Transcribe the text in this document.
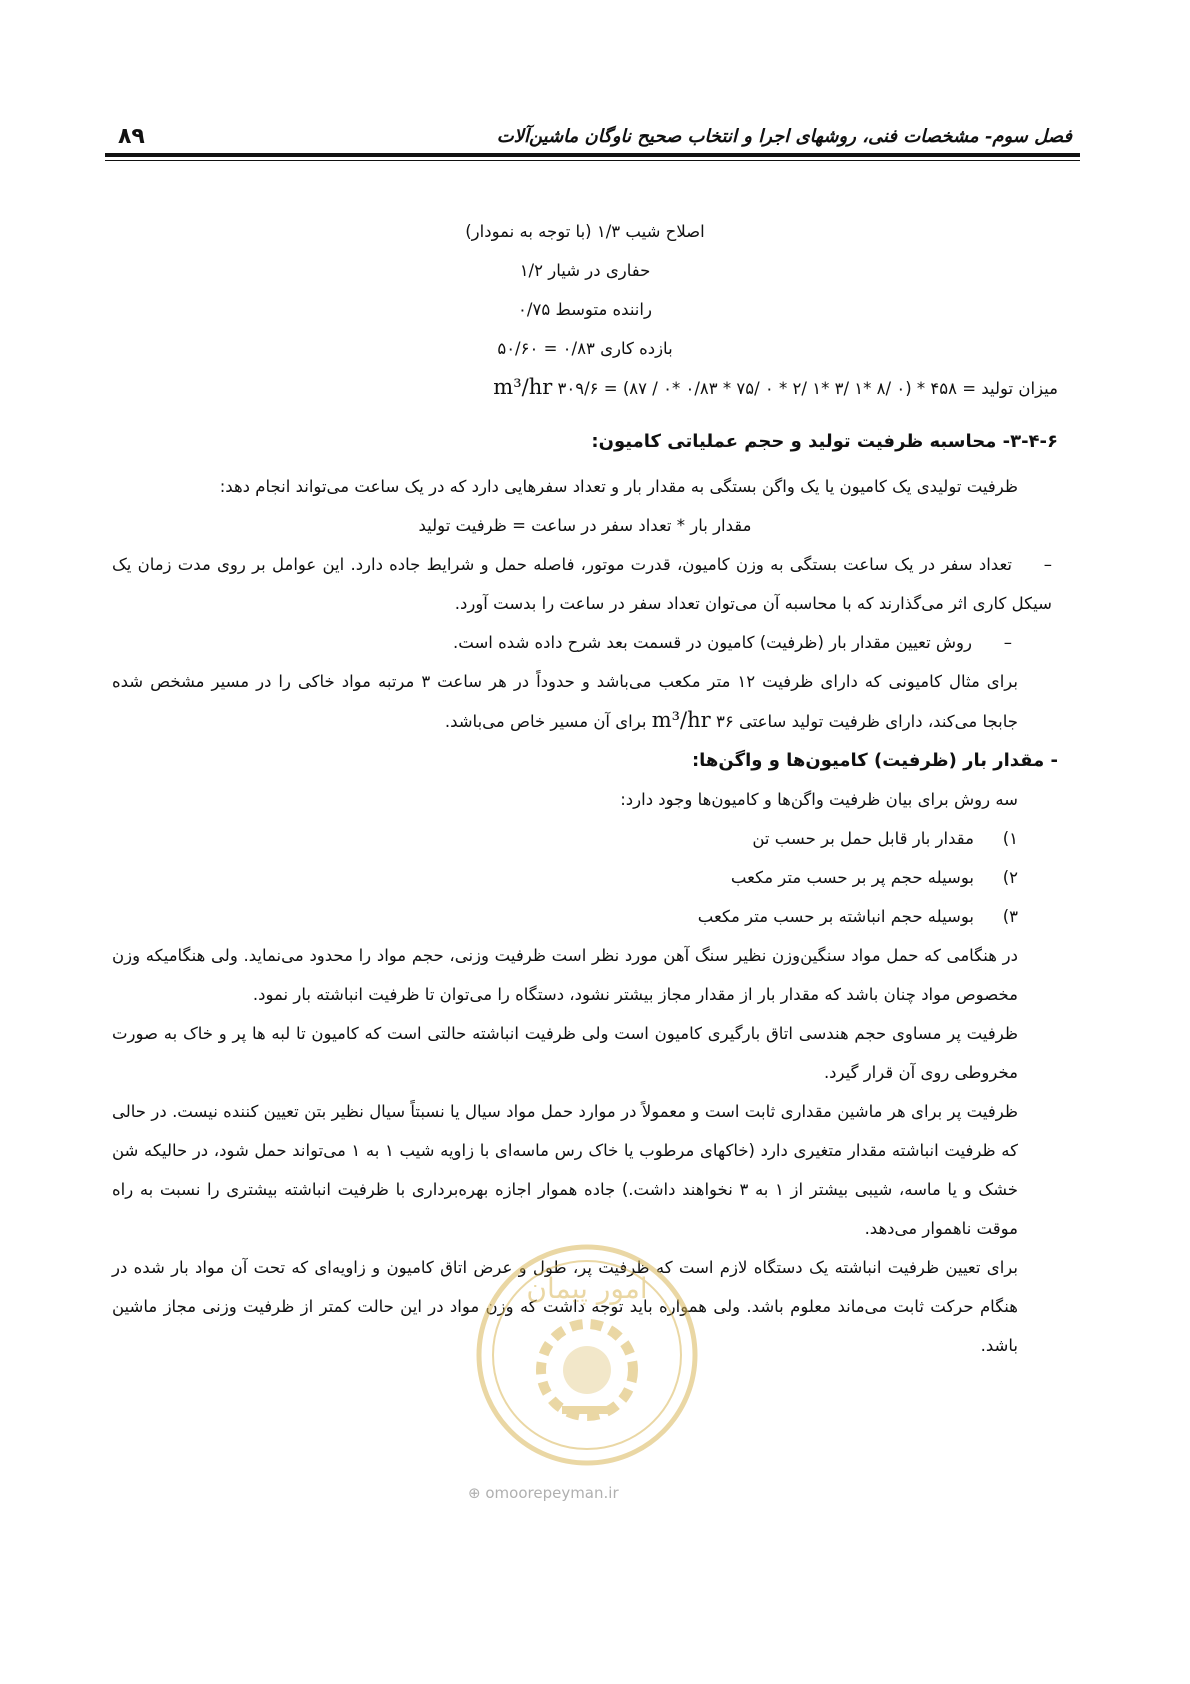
۸۹	فصل سوم- مشخصات فنی، روشهای اجرا و انتخاب صحیح ناوگان ماشین‌آلات

اصلاح شیب ۱/۳ (با توجه به نمودار)

حفاری در شیار ۱/۲

راننده متوسط ۰/۷۵

بازده کاری ۰/۸۳ = ۵۰/۶۰

میزان تولید = ۴۵۸ * (۰ /۸ *۱ /۳ *۱ /۲ * ۰ /۷۵ * ۰/۸۳ *۰ / ۸۷) = ۳۰۹/۶ m³/hr

۳-۴-۶- محاسبه ظرفیت تولید و حجم عملیاتی کامیون:

ظرفیت تولیدی یک کامیون یا یک واگن بستگی به مقدار بار و تعداد سفرهایی دارد که در یک ساعت می‌تواند انجام دهد:

مقدار بار * تعداد سفر در ساعت = ظرفیت تولید

–تعداد سفر در یک ساعت بستگی به وزن کامیون، قدرت موتور، فاصله حمل و شرایط جاده دارد. این عوامل بر روی مدت زمان یک سیکل کاری اثر می‌گذارند که با محاسبه آن می‌توان تعداد سفر در ساعت را بدست آورد.

–روش تعیین مقدار بار (ظرفیت) کامیون در قسمت بعد شرح داده شده است.

برای مثال کامیونی که دارای ظرفیت ۱۲ متر مکعب می‌باشد و حدوداً در هر ساعت ۳ مرتبه مواد خاکی را در مسیر مشخص شده جابجا می‌کند، دارای ظرفیت تولید ساعتی m³/hr ۳۶ برای آن مسیر خاص می‌باشد.

- مقدار بار (ظرفیت) کامیون‌ها و واگن‌ها:

سه روش برای بیان ظرفیت واگن‌ها و کامیون‌ها وجود دارد:

۱)مقدار بار قابل حمل بر حسب تن

۲)بوسیله حجم پر بر حسب متر مکعب

۳)بوسیله حجم انباشته بر حسب متر مکعب

در هنگامی که حمل مواد سنگین‌وزن نظیر سنگ آهن مورد نظر است ظرفیت وزنی، حجم مواد را محدود می‌نماید. ولی هنگامیکه وزن مخصوص مواد چنان باشد که مقدار بار از مقدار مجاز بیشتر نشود، دستگاه را می‌توان تا ظرفیت انباشته بار نمود.

ظرفیت پر مساوی حجم هندسی اتاق بارگیری کامیون است ولی ظرفیت انباشته حالتی است که کامیون تا لبه ها پر و خاک به صورت مخروطی روی آن قرار گیرد.

ظرفیت پر برای هر ماشین مقداری ثابت است و معمولاً در موارد حمل مواد سیال یا نسبتاً سیال نظیر بتن تعیین کننده نیست. در حالی که ظرفیت انباشته مقدار متغیری دارد (خاکهای مرطوب یا خاک رس ماسه‌ای با زاویه شیب ۱ به ۱ می‌تواند حمل شود، در حالیکه شن خشک و یا ماسه، شیبی بیشتر از ۱ به ۳ نخواهند داشت.) جاده هموار اجازه بهره‌برداری با ظرفیت انباشته بیشتری را نسبت به راه موقت ناهموار می‌دهد.

برای تعیین ظرفیت انباشته یک دستگاه لازم است که ظرفیت پر، طول و عرض اتاق کامیون و زاویه‌ای که تحت آن مواد بار شده در هنگام حرکت ثابت می‌ماند معلوم باشد. ولی همواره باید توجه داشت که وزن مواد در این حالت کمتر از ظرفیت وزنی مجاز ماشین باشد.

امور پیمان
⊕ omoorepeyman.ir
